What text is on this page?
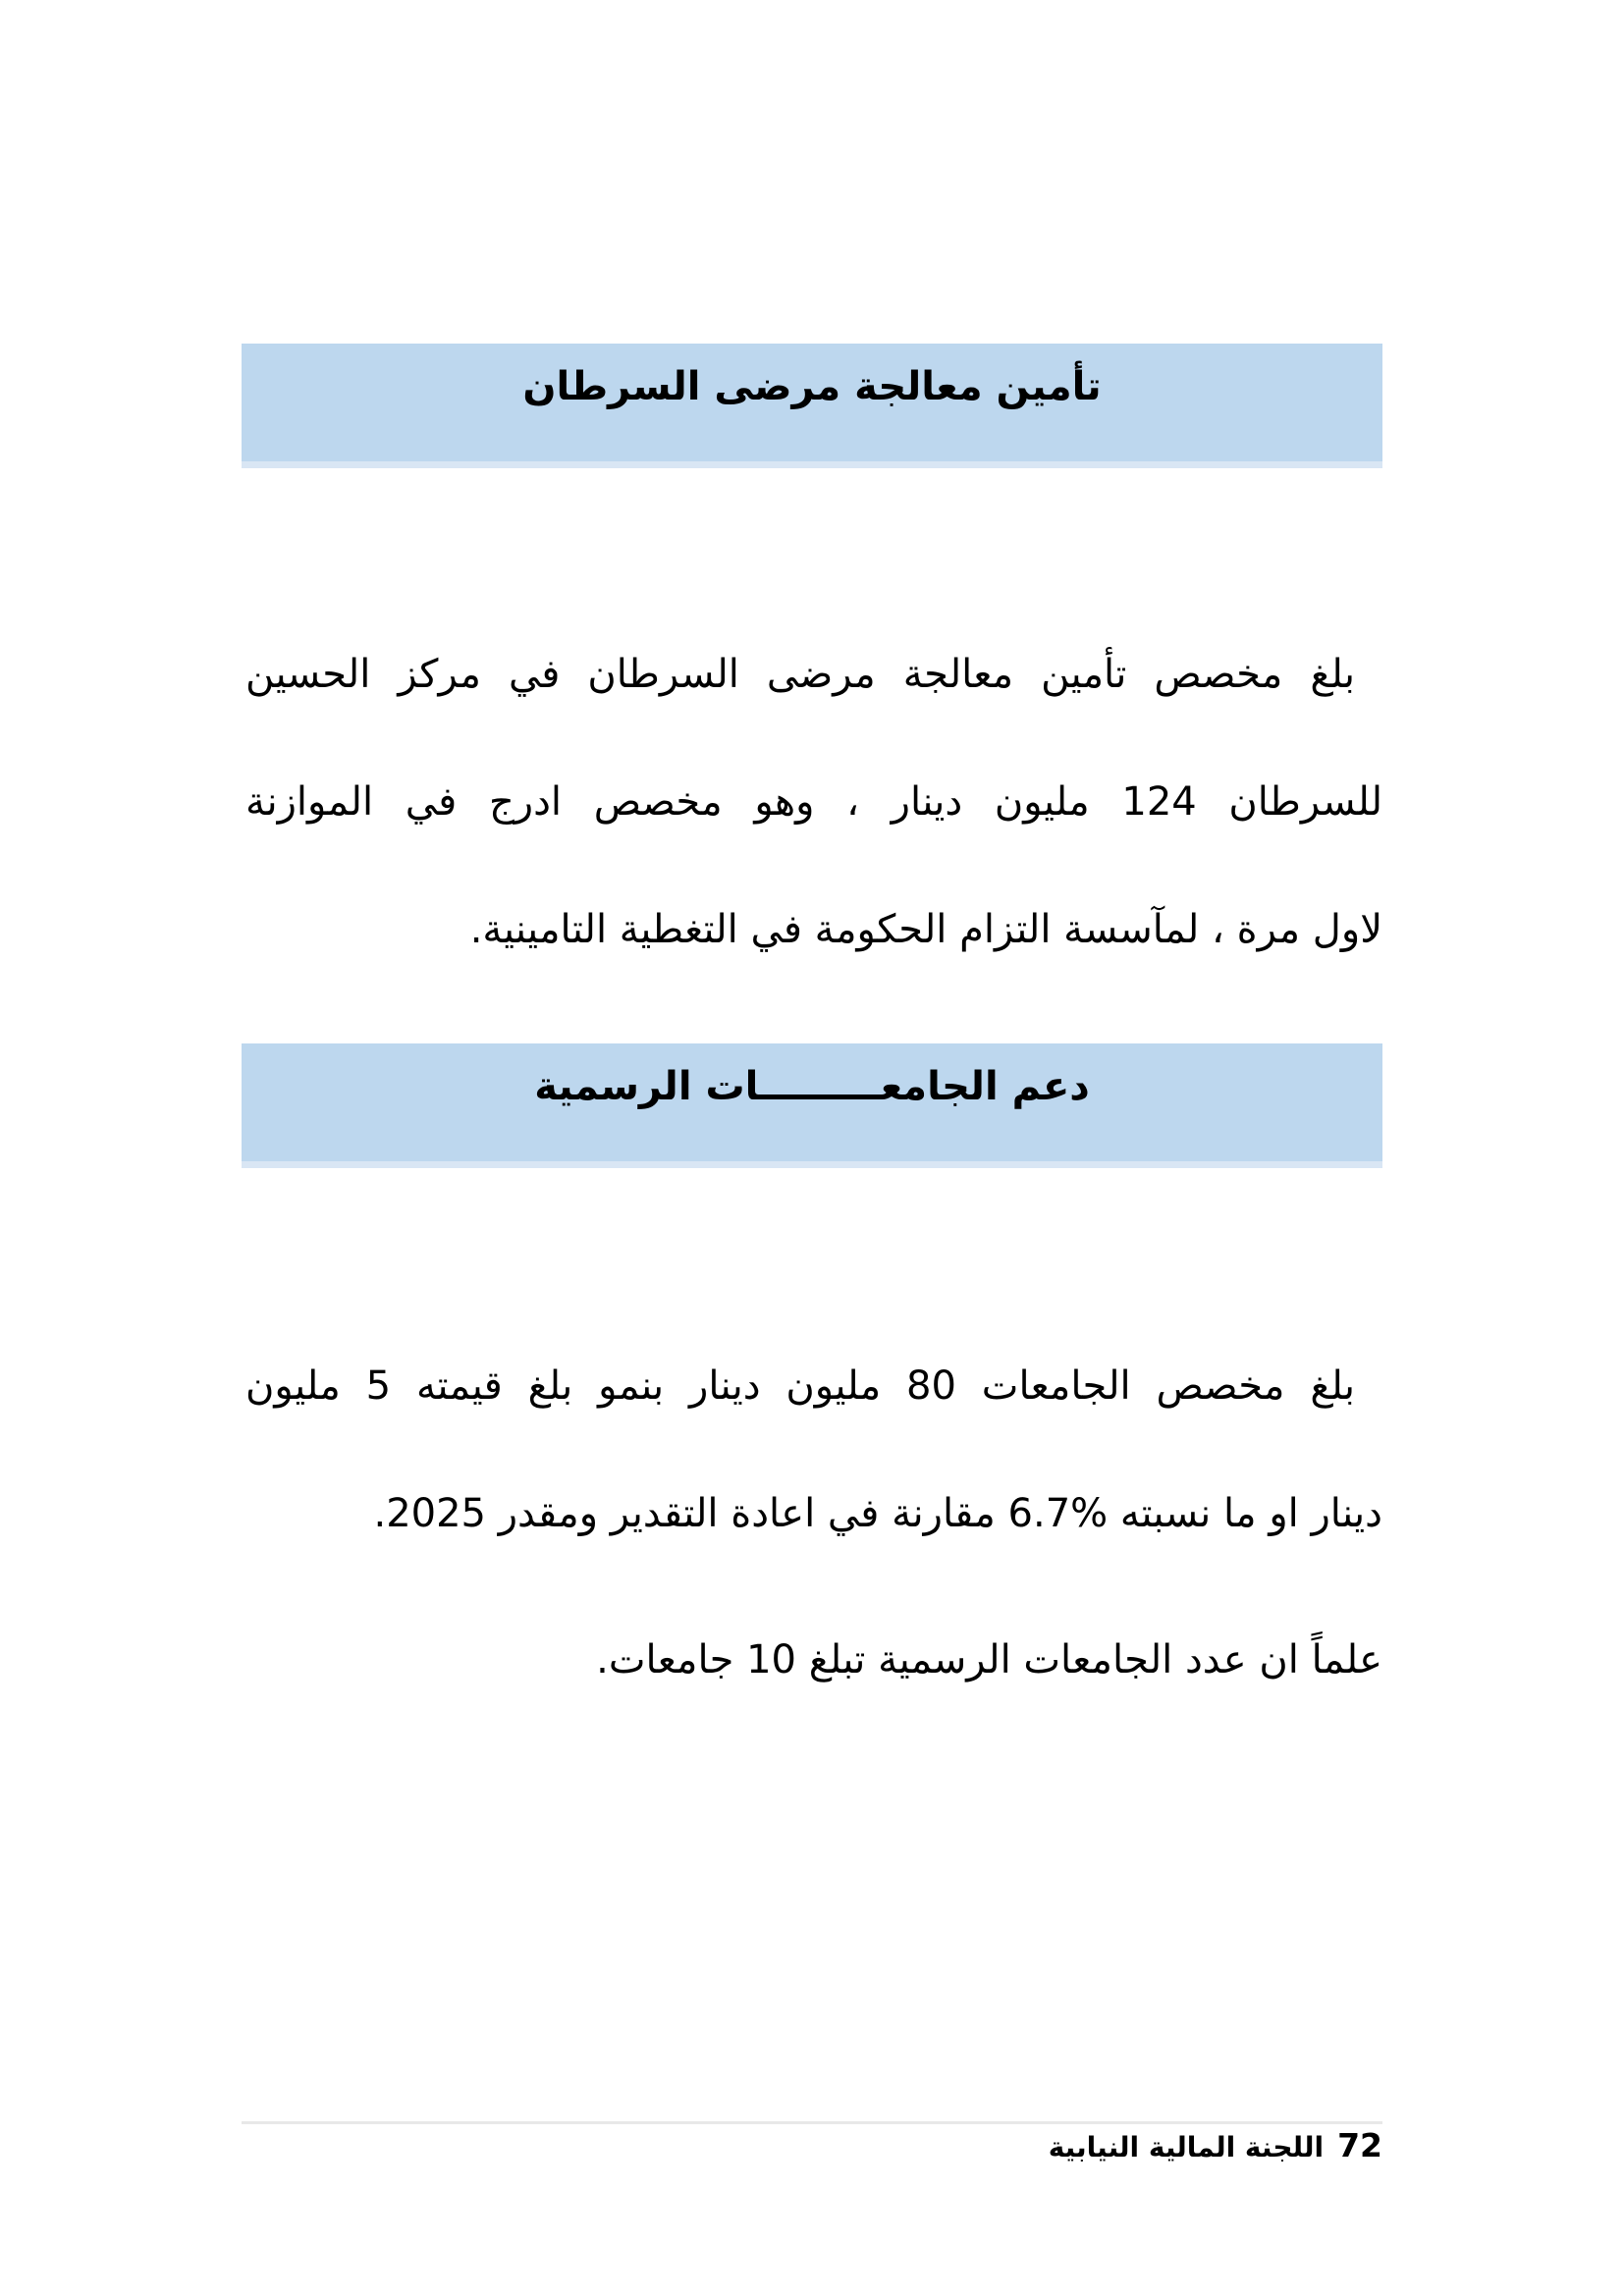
تأمين معالجة مرضى السرطان
بلغ مخصص تأمين معالجة مرضى السرطان في مركز الحسين
للسرطان 124 مليون دينار ، وهو مخصص ادرج في الموازنة
لاول مرة ، لمآسسة التزام الحكومة في التغطية التامينية.
دعم الجامعـــــــــات الرسمية
بلغ مخصص الجامعات 80 مليون دينار بنمو بلغ قيمته 5 مليون
دينار او ما نسبته %6.7 مقارنة في اعادة التقدير ومقدر 2025.
علماً ان عدد الجامعات الرسمية تبلغ 10 جامعات.
72
اللجنة المالية النيابية
